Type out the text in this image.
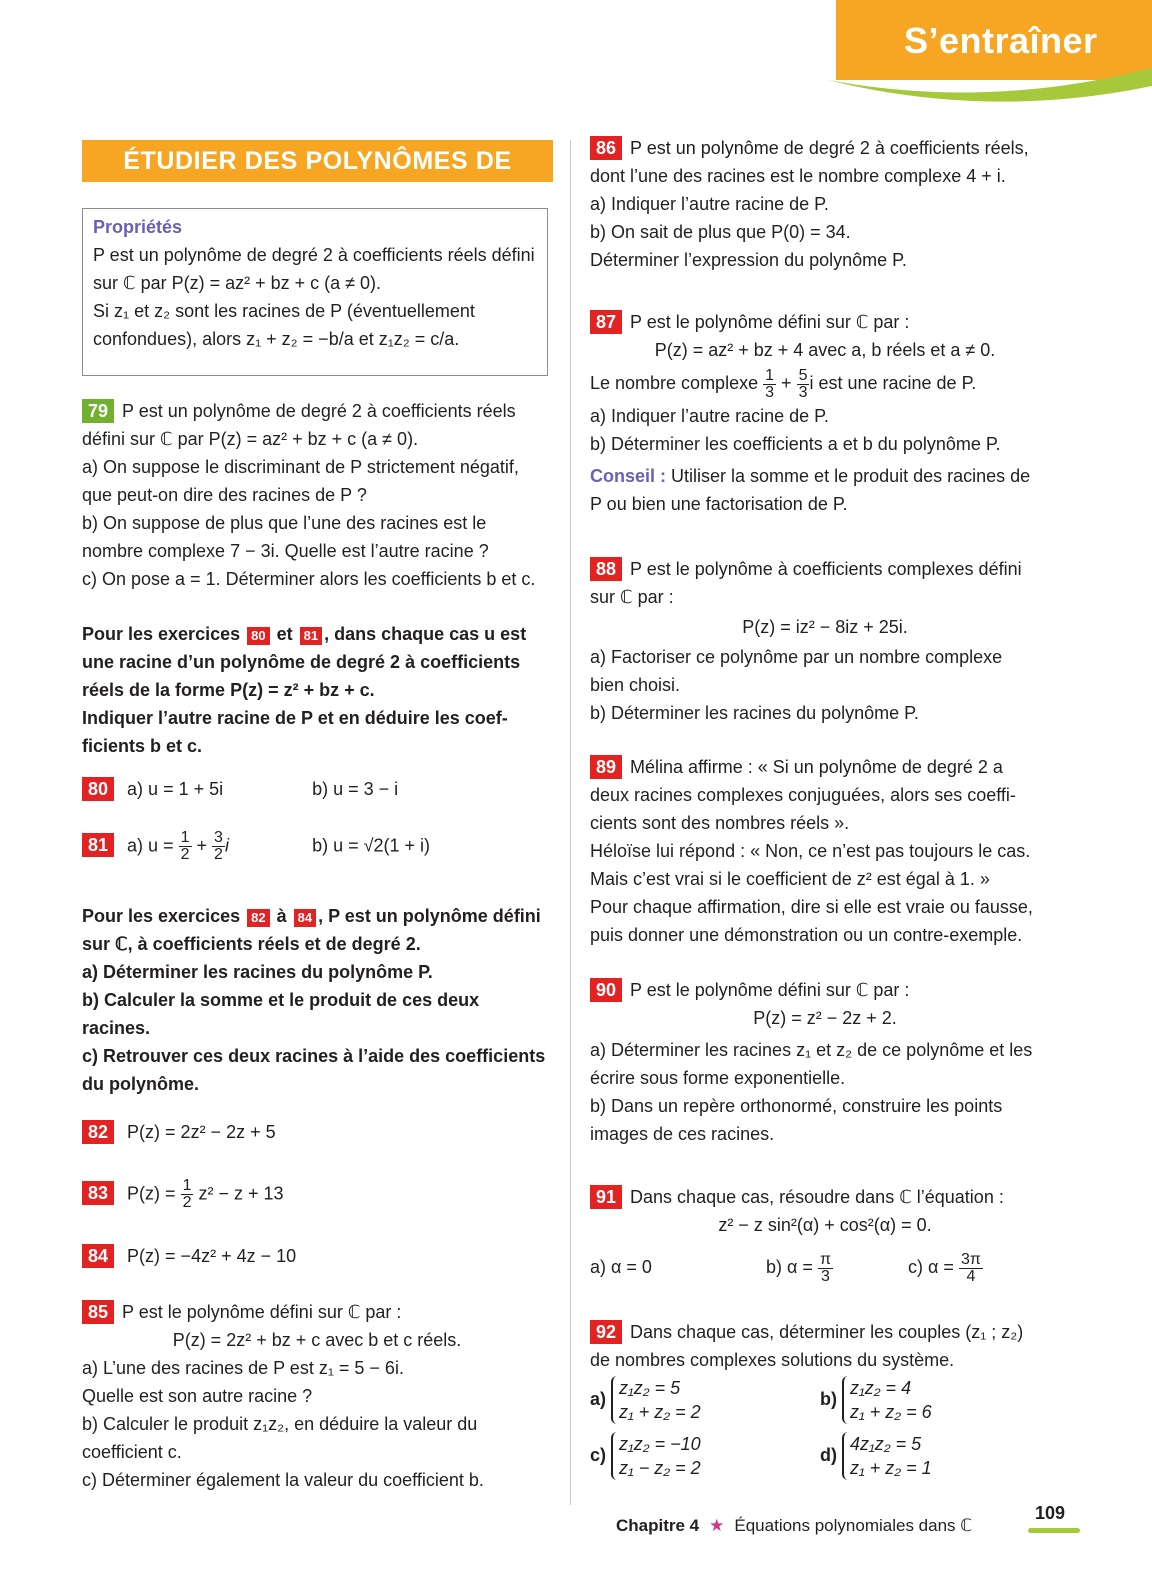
S’entraîner
ÉTUDIER DES POLYNÔMES DE DEGRÉ 2
Propriétés
P est un polynôme de degré 2 à coefficients réels défini
sur ℂ par P(z) = az² + bz + c (a ≠ 0).
Si z₁ et z₂ sont les racines de P (éventuellement
confondues), alors z₁ + z₂ = −b/a et z₁z₂ = c/a.
79 P est un polynôme de degré 2 à coefficients réels
défini sur ℂ par P(z) = az² + bz + c (a ≠ 0).
a) On suppose le discriminant de P strictement négatif,
que peut-on dire des racines de P ?
b) On suppose de plus que l’une des racines est le
nombre complexe 7 − 3i. Quelle est l’autre racine ?
c) On pose a = 1. Déterminer alors les coefficients b et c.
Pour les exercices 80 et 81 , dans chaque cas u est
une racine d’un polynôme de degré 2 à coefficients
réels de la forme P(z) = z² + bz + c.
Indiquer l’autre racine de P et en déduire les coef-
ficients b et c.
80 a) u = 1 + 5i	b) u = 3 − i
81 a) $u = \frac{1}{2} + \frac{3}{2}$ i	b) u = √2(1 + i)
Pour les exercices 82 à 84 , P est un polynôme défini
sur ℂ, à coefficients réels et de degré 2.
a) Déterminer les racines du polynôme P.
b) Calculer la somme et le produit de ces deux
racines.
c) Retrouver ces deux racines à l’aide des coefficients
du polynôme.
82 P(z) = 2z² − 2z + 5
83 $P(z) = \frac{1}{2} z^2 - z + 13$
84 P(z) = −4z² + 4z − 10
85 P est le polynôme défini sur ℂ par :
P(z) = 2z² + bz + c avec b et c réels.
a) L’une des racines de P est z₁ = 5 − 6i.
Quelle est son autre racine ?
b) Calculer le produit z₁z₂, en déduire la valeur du
coefficient c.
c) Déterminer également la valeur du coefficient b.
86 P est un polynôme de degré 2 à coefficients réels,
dont l’une des racines est le nombre complexe 4 + i.
a) Indiquer l’autre racine de P.
b) On sait de plus que P(0) = 34.
Déterminer l’expression du polynôme P.
87 P est le polynôme défini sur ℂ par :
P(z) = az² + bz + 4 avec a, b réels et a ≠ 0.
Le nombre complexe $\frac{1}{3} + \frac{5}{3}$ i est une racine de P.
a) Indiquer l’autre racine de P.
b) Déterminer les coefficients a et b du polynôme P.
Conseil : Utiliser la somme et le produit des racines de
P ou bien une factorisation de P.
88 P est le polynôme à coefficients complexes défini
sur ℂ par :
P(z) = iz² − 8iz + 25i.
a) Factoriser ce polynôme par un nombre complexe
bien choisi.
b) Déterminer les racines du polynôme P.
89 Mélina affirme : « Si un polynôme de degré 2 a
deux racines complexes conjuguées, alors ses coeffi-
cients sont des nombres réels ».
Héloïse lui répond : « Non, ce n’est pas toujours le cas.
Mais c’est vrai si le coefficient de z² est égal à 1. »
Pour chaque affirmation, dire si elle est vraie ou fausse,
puis donner une démonstration ou un contre-exemple.
90 P est le polynôme défini sur ℂ par :
P(z) = z² − 2z + 2.
a) Déterminer les racines z₁ et z₂ de ce polynôme et les
écrire sous forme exponentielle.
b) Dans un repère orthonormé, construire les points
images de ces racines.
91 Dans chaque cas, résoudre dans ℂ l’équation :
z² − z sin²(α) + cos²(α) = 0.
a) α = 0	b) $\alpha = \frac{\pi}{3}$	c) $\alpha = \frac{3\pi}{4}$
92 Dans chaque cas, déterminer les couples (z₁ ; z₂)
de nombres complexes solutions du système.
a)
z₁z₂ = 5
z₁ + z₂ = 2
b)
z₁z₂ = 4
z₁ + z₂ = 6
c)
z₁z₂ = −10
z₁ − z₂ = 2
d)
4z₁z₂ = 5
z₁ + z₂ = 1
Chapitre 4 ★ Équations polynomiales dans ℂ
109
